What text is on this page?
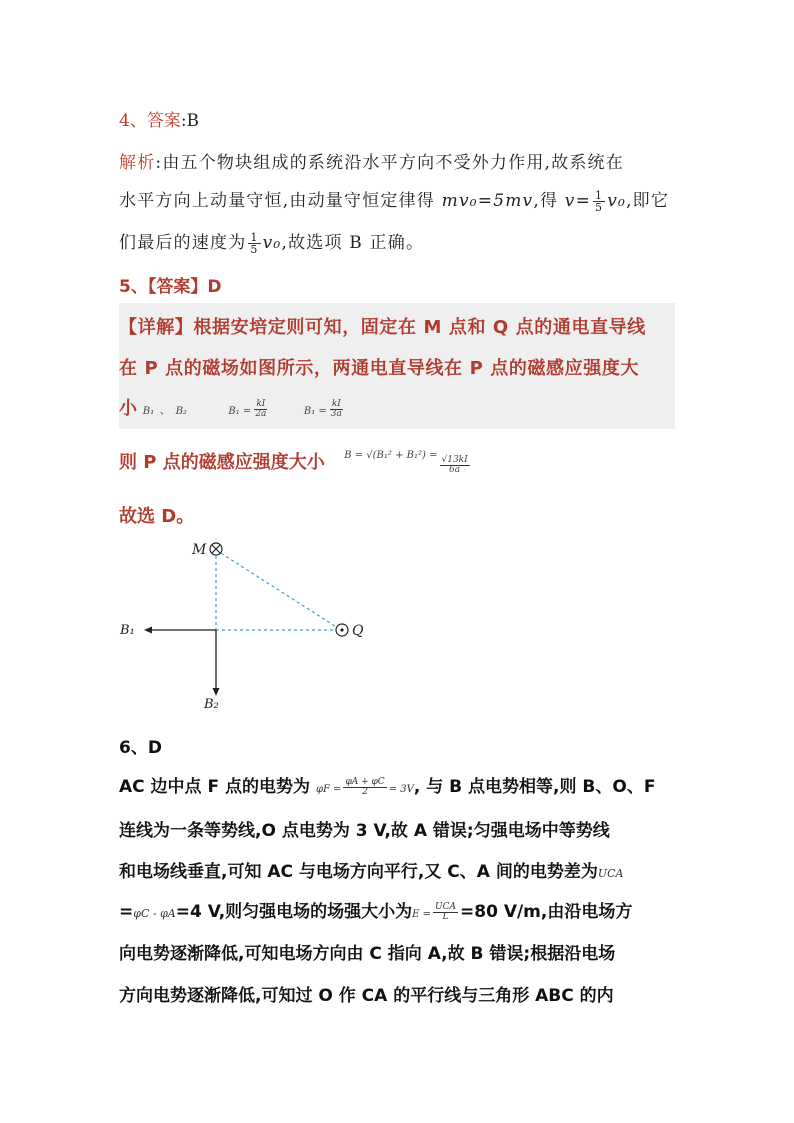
4、答案:B
解析:由五个物块组成的系统沿水平方向不受外力作用,故系统在
水平方向上动量守恒,由动量守恒定律得 mv₀=5mv,得 $v= \frac{1}{5} v_0$,即它
们最后的速度为 $\frac{1}{5} v_0$,故选项 B 正确。
5、【答案】D
【详解】根据安培定则可知，固定在 M 点和 Q 点的通电直导线
在 P 点的磁场如图所示，两通电直导线在 P 点的磁感应强度大
小 B₁ 、 B₂	$B_1 = \frac{kI}{2a}$	$B_1 = \frac{kI}{3a}$
则 P 点的磁感应强度大小 $^{B = √(B_1^2 + B_1^2) =}$
$\frac{√13kI}{6a}$
故选 D。
M
Q
B₁
B₂
6、D
AC 边中点 F 点的电势为 $\varphi F = \frac{\varphi A + \varphi C}{2} = 3V$, 与 B 点电势相等,则 B、O、F
连线为一条等势线,O 点电势为 3 V,故 A 错误;匀强电场中等势线
和电场线垂直,可知 AC 与电场方向平行,又 C、A 间的电势差为UCA
=φC - φA=4 V,则匀强电场的场强大小为$E = \frac{\text{UCA}}{L} =80$ V/m,由沿电场方
向电势逐渐降低,可知电场方向由 C 指向 A,故 B 错误;根据沿电场
方向电势逐渐降低,可知过 O 作 CA 的平行线与三角形 ABC 的内
